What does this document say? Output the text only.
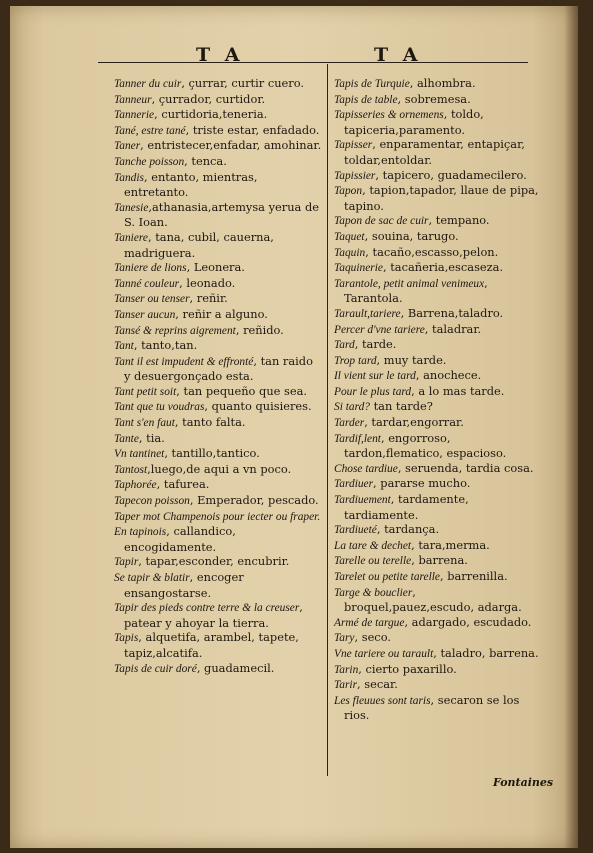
T A	T A

Tanner du cuir, çurrar, curtir cuero.

Tanneur, çurrador, curtidor.

Tannerie, curtidoria,teneria.

Tané, estre tané, triste estar, enfadado.

Taner, entristecer,enfadar, amohinar.

Tanche poisson, tenca.

Tandis, entanto, mientras, entretanto.

Tanesie,athanasia,artemysa yerua de S. Ioan.

Taniere, tana, cubil, cauerna, madriguera.

Taniere de lions, Leonera.

Tanné couleur, leonado.

Tanser ou tenser, reñir.

Tanser aucun, reñir a alguno.

Tansé & reprins aigrement, reñido.

Tant, tanto,tan.

Tant il est impudent & effronté, tan raido y desuergonçado esta.

Tant petit soit, tan pequeño que sea.

Tant que tu voudras, quanto quisieres.

Tant s'en faut, tanto falta.

Tante, tia.

Vn tantinet, tantillo,tantico.

Tantost,luego,de aqui a vn poco.

Taphorée, tafurea.

Tapecon poisson, Emperador, pescado.

Taper mot Champenois pour iecter ou fraper.

En tapinois, callandico, encogidamente.

Tapir, tapar,esconder, encubrir.

Se tapir & blatir, encoger ensangostarse.

Tapir des pieds contre terre & la creuser, patear y ahoyar la tierra.

Tapis, alquetifa, arambel, tapete, tapiz,alcatifa.

Tapis de cuir doré, guadamecil.

Tapis de Turquie, alhombra.

Tapis de table, sobremesa.

Tapisseries & ornemens, toldo, tapiceria,paramento.

Tapisser, enparamentar, entapiçar, toldar,entoldar.

Tapissier, tapicero, guadamecilero.

Tapon, tapion,tapador, llaue de pipa, tapino.

Tapon de sac de cuir, tempano.

Taquet, souina, tarugo.

Taquin, tacaño,escasso,pelon.

Taquinerie, tacañeria,escaseza.

Tarantole, petit animal venimeux, Tarantola.

Tarault,tariere, Barrena,taladro.

Percer d'vne tariere, taladrar.

Tard, tarde.

Trop tard, muy tarde.

Il vient sur le tard, anochece.

Pour le plus tard, a lo mas tarde.

Si tard? tan tarde?

Tarder, tardar,engorrar.

Tardif,lent, engorroso, tardon,flematico, espacioso.

Chose tardiue, seruenda, tardia cosa.

Tardiuer, pararse mucho.

Tardiuement, tardamente, tardiamente.

Tardiueté, tardança.

La tare & dechet, tara,merma.

Tarelle ou terelle, barrena.

Tarelet ou petite tarelle, barrenilla.

Targe & bouclier, broquel,pauez,escudo, adarga.

Armé de targue, adargado, escudado.

Tary, seco.

Vne tariere ou tarault, taladro, barrena.

Tarin, cierto paxarillo.

Tarir, secar.

Les fleuues sont taris, secaron se los rios.

Fontaines
